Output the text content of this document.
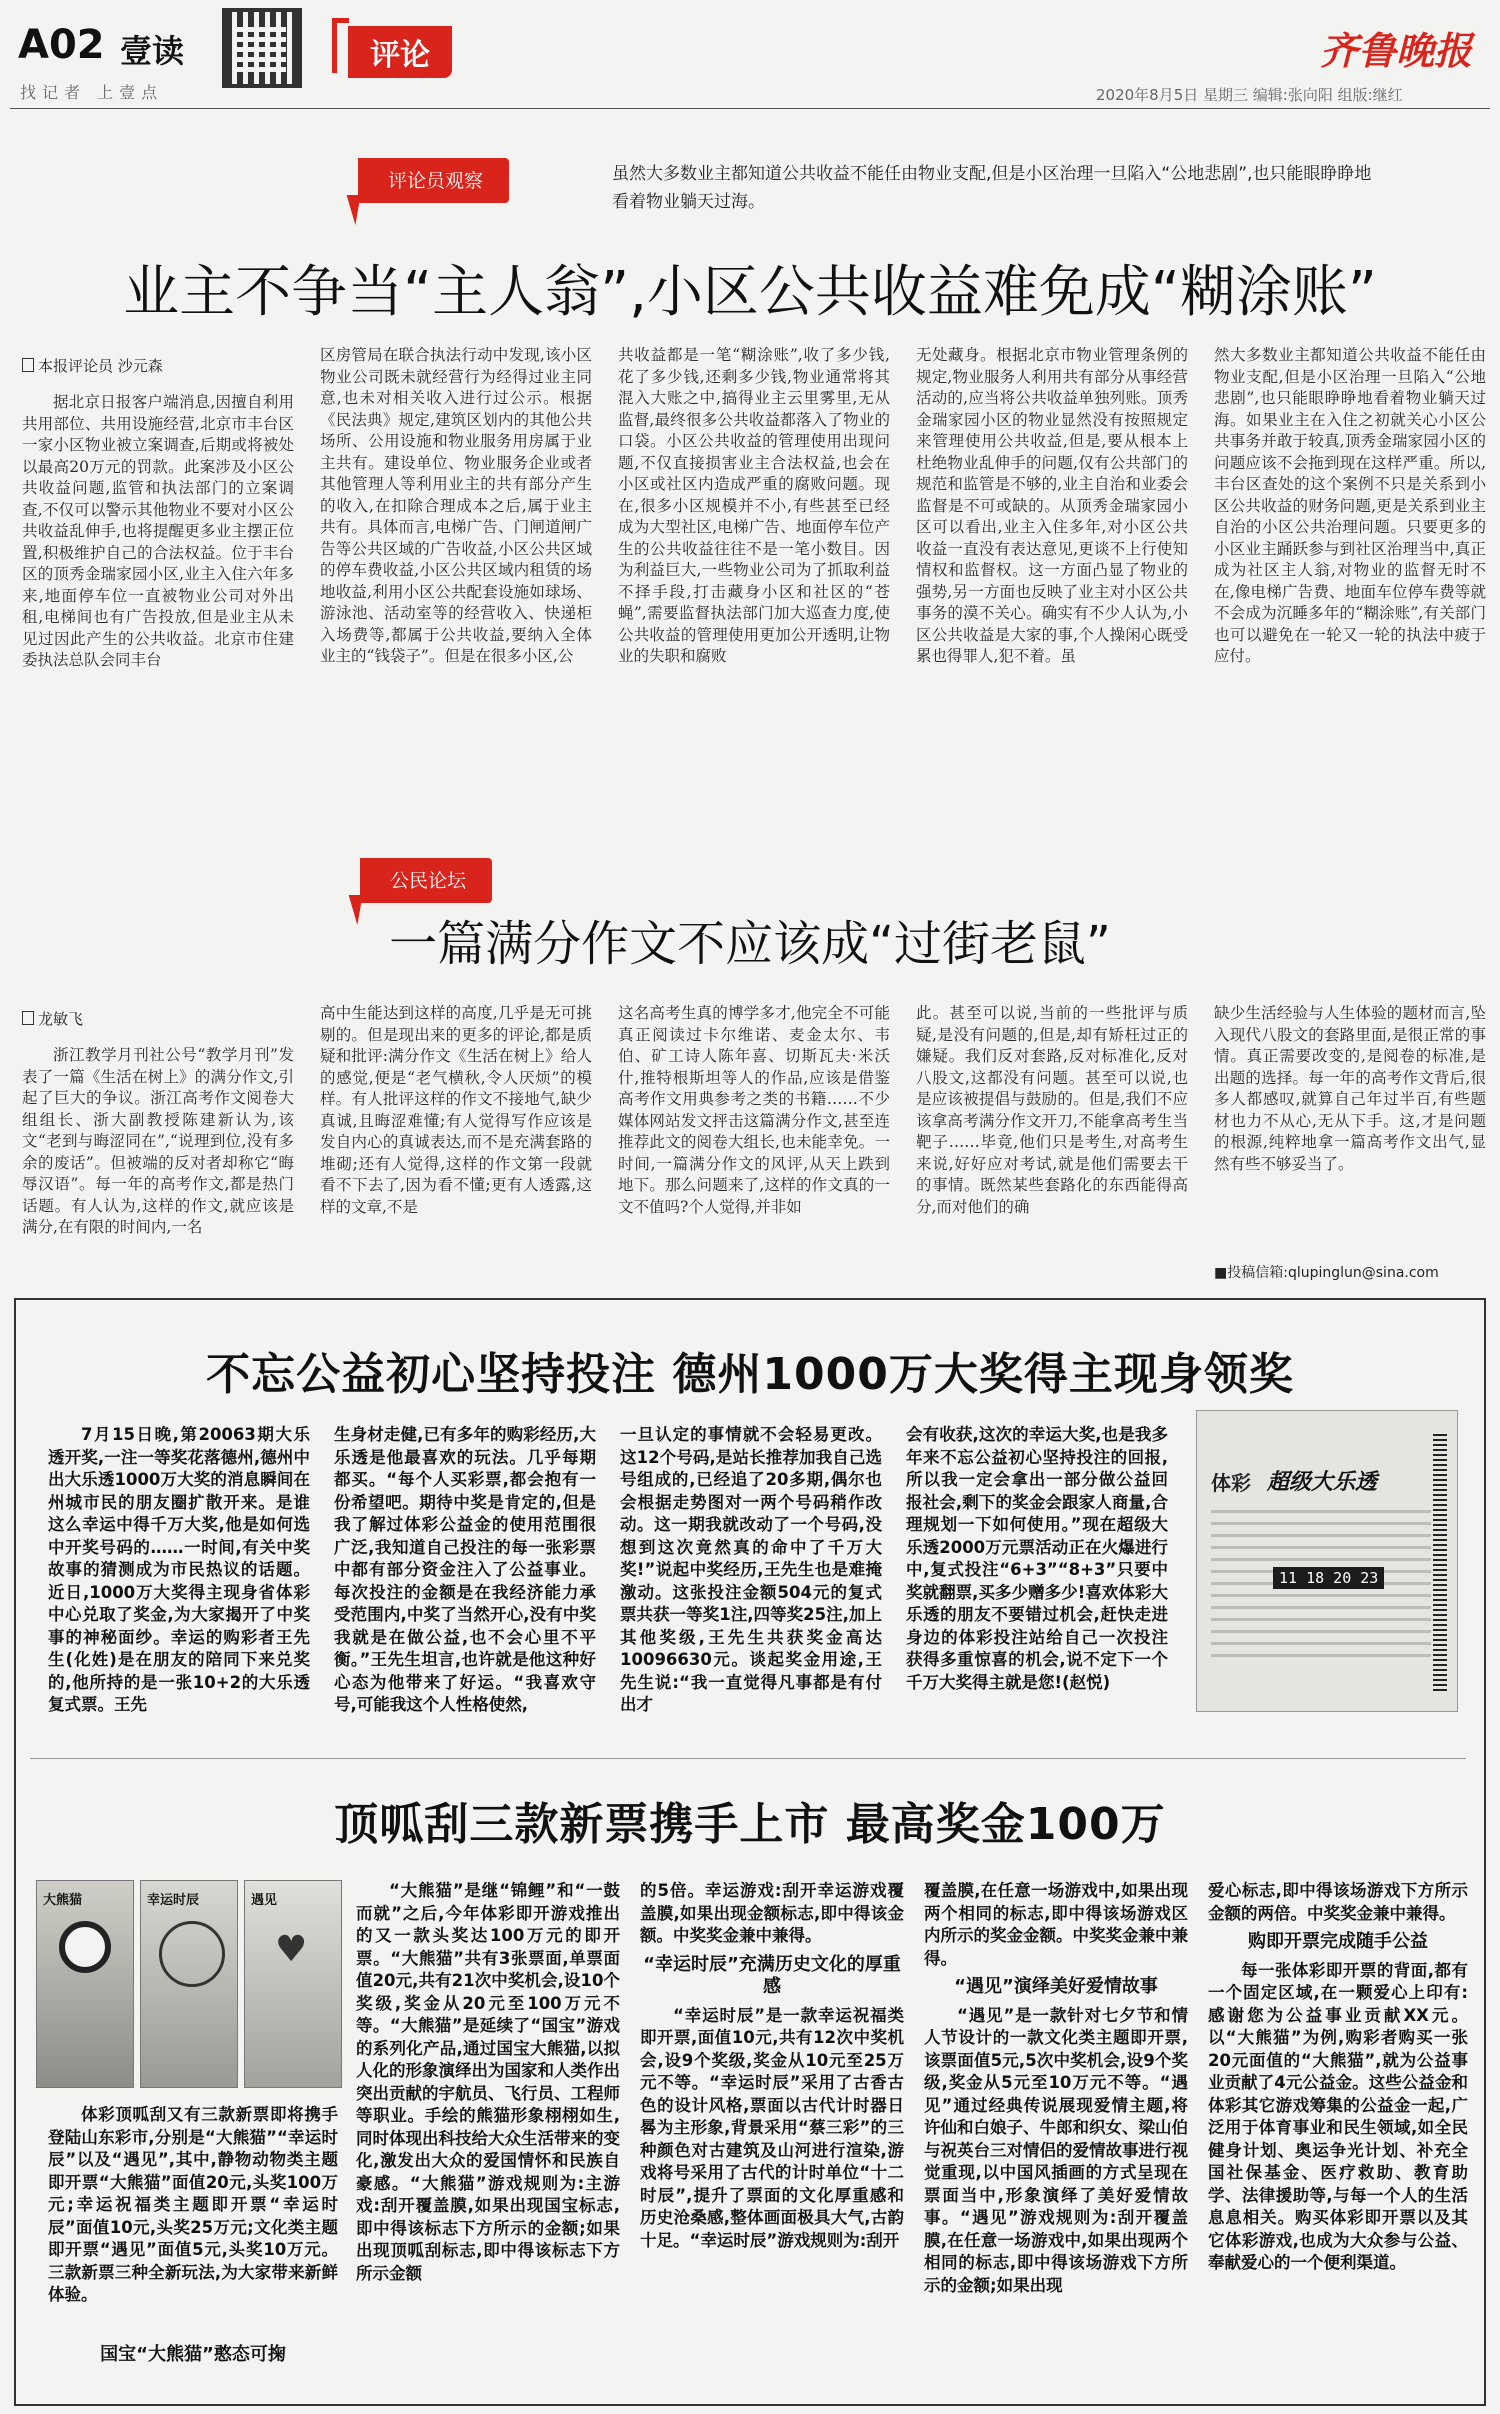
A02 壹读
找记者 上壹点
评论	齐鲁晚报
2020年8月5日 星期三 编辑:张向阳 组版:继红
评论员观察	虽然大多数业主都知道公共收益不能任由物业支配,但是小区治理一旦陷入“公地悲剧”,也只能眼睁睁地看着物业躺天过海。
业主不争当“主人翁”,小区公共收益难免成“糊涂账”
本报评论员 沙元森

据北京日报客户端消息,因擅自利用共用部位、共用设施经营,北京市丰台区一家小区物业被立案调查,后期或将被处以最高20万元的罚款。此案涉及小区公共收益问题,监管和执法部门的立案调查,不仅可以警示其他物业不要对小区公共收益乱伸手,也将提醒更多业主摆正位置,积极维护自己的合法权益。位于丰台区的顶秀金瑞家园小区,业主入住六年多来,地面停车位一直被物业公司对外出租,电梯间也有广告投放,但是业主从未见过因此产生的公共收益。北京市住建委执法总队会同丰台

区房管局在联合执法行动中发现,该小区物业公司既未就经营行为经得过业主同意,也未对相关收入进行过公示。根据《民法典》规定,建筑区划内的其他公共场所、公用设施和物业服务用房属于业主共有。建设单位、物业服务企业或者其他管理人等利用业主的共有部分产生的收入,在扣除合理成本之后,属于业主共有。具体而言,电梯广告、门闸道闸广告等公共区域的广告收益,小区公共区域的停车费收益,小区公共区域内租赁的场地收益,利用小区公共配套设施如球场、游泳池、活动室等的经营收入、快递柜入场费等,都属于公共收益,要纳入全体业主的“钱袋子”。但是在很多小区,公

共收益都是一笔“糊涂账”,收了多少钱,花了多少钱,还剩多少钱,物业通常将其混入大账之中,搞得业主云里雾里,无从监督,最终很多公共收益都落入了物业的口袋。小区公共收益的管理使用出现问题,不仅直接损害业主合法权益,也会在小区或社区内造成严重的腐败问题。现在,很多小区规模并不小,有些甚至已经成为大型社区,电梯广告、地面停车位产生的公共收益往往不是一笔小数目。因为利益巨大,一些物业公司为了抓取利益不择手段,打击藏身小区和社区的“苍蝇”,需要监督执法部门加大巡查力度,使公共收益的管理使用更加公开透明,让物业的失职和腐败

无处藏身。根据北京市物业管理条例的规定,物业服务人利用共有部分从事经营活动的,应当将公共收益单独列账。顶秀金瑞家园小区的物业显然没有按照规定来管理使用公共收益,但是,要从根本上杜绝物业乱伸手的问题,仅有公共部门的规范和监管是不够的,业主自治和业委会监督是不可或缺的。从顶秀金瑞家园小区可以看出,业主入住多年,对小区公共收益一直没有表达意见,更谈不上行使知情权和监督权。这一方面凸显了物业的强势,另一方面也反映了业主对小区公共事务的漠不关心。确实有不少人认为,小区公共收益是大家的事,个人操闲心既受累也得罪人,犯不着。虽

然大多数业主都知道公共收益不能任由物业支配,但是小区治理一旦陷入“公地悲剧”,也只能眼睁睁地看着物业躺天过海。如果业主在入住之初就关心小区公共事务并敢于较真,顶秀金瑞家园小区的问题应该不会拖到现在这样严重。所以,丰台区查处的这个案例不只是关系到小区公共收益的财务问题,更是关系到业主自治的小区公共治理问题。只要更多的小区业主踊跃参与到社区治理当中,真正成为社区主人翁,对物业的监督无时不在,像电梯广告费、地面车位停车费等就不会成为沉睡多年的“糊涂账”,有关部门也可以避免在一轮又一轮的执法中疲于应付。

公民论坛
一篇满分作文不应该成“过街老鼠”
龙敏飞

浙江教学月刊社公号“教学月刊”发表了一篇《生活在树上》的满分作文,引起了巨大的争议。浙江高考作文阅卷大组组长、浙大副教授陈建新认为,该文“老到与晦涩同在”,“说理到位,没有多余的废话”。但被端的反对者却称它“晦辱汉语”。每一年的高考作文,都是热门话题。有人认为,这样的作文,就应该是满分,在有限的时间内,一名

高中生能达到这样的高度,几乎是无可挑剔的。但是现出来的更多的评论,都是质疑和批评:满分作文《生活在树上》给人的感觉,便是“老气横秋,令人厌烦”的模样。有人批评这样的作文不接地气,缺少真诚,且晦涩难懂;有人觉得写作应该是发自内心的真诚表达,而不是充满套路的堆砌;还有人觉得,这样的作文第一段就看不下去了,因为看不懂;更有人透露,这样的文章,不是

这名高考生真的博学多才,他完全不可能真正阅读过卡尔维诺、麦金太尔、韦伯、矿工诗人陈年喜、切斯瓦夫·米沃什,推特根斯坦等人的作品,应该是借鉴高考作文用典参考之类的书籍……不少媒体网站发文抨击这篇满分作文,甚至连推荐此文的阅卷大组长,也未能幸免。一时间,一篇满分作文的风评,从天上跌到地下。那么问题来了,这样的作文真的一文不值吗?个人觉得,并非如

此。甚至可以说,当前的一些批评与质疑,是没有问题的,但是,却有矫枉过正的嫌疑。我们反对套路,反对标准化,反对八股文,这都没有问题。甚至可以说,也是应该被提倡与鼓励的。但是,我们不应该拿高考满分作文开刀,不能拿高考生当靶子……毕竟,他们只是考生,对高考生来说,好好应对考试,就是他们需要去干的事情。既然某些套路化的东西能得高分,而对他们的确

缺少生活经验与人生体验的题材而言,坠入现代八股文的套路里面,是很正常的事情。真正需要改变的,是阅卷的标准,是出题的选择。每一年的高考作文背后,很多人都感叹,就算自己年过半百,有些题材也力不从心,无从下手。这,才是问题的根源,纯粹地拿一篇高考作文出气,显然有些不够妥当了。

■投稿信箱:qlupinglun@sina.com
不忘公益初心坚持投注 德州1000万大奖得主现身领奖

7月15日晚,第20063期大乐透开奖,一注一等奖花落德州,德州中出大乐透1000万大奖的消息瞬间在州城市民的朋友圈扩散开来。是谁这么幸运中得千万大奖,他是如何选中开奖号码的……一时间,有关中奖故事的猜测成为市民热议的话题。近日,1000万大奖得主现身省体彩中心兑取了奖金,为大家揭开了中奖事的神秘面纱。幸运的购彩者王先生(化姓)是在朋友的陪同下来兑奖的,他所持的是一张10+2的大乐透复式票。王先

生身材走健,已有多年的购彩经历,大乐透是他最喜欢的玩法。几乎每期都买。“每个人买彩票,都会抱有一份希望吧。期待中奖是肯定的,但是我了解过体彩公益金的使用范围很广泛,我知道自己投注的每一张彩票中都有部分资金注入了公益事业。每次投注的金额是在我经济能力承受范围内,中奖了当然开心,没有中奖我就是在做公益,也不会心里不平衡。”王先生坦言,也许就是他这种好心态为他带来了好运。“我喜欢守号,可能我这个人性格使然,

一旦认定的事情就不会轻易更改。这12个号码,是站长推荐加我自己选号组成的,已经追了20多期,偶尔也会根据走势图对一两个号码稍作改动。这一期我就改动了一个号码,没想到这次竟然真的命中了千万大奖!”说起中奖经历,王先生也是难掩激动。这张投注金额504元的复式票共获一等奖1注,四等奖25注,加上其他奖级,王先生共获奖金高达10096630元。谈起奖金用途,王先生说:“我一直觉得凡事都是有付出才

会有收获,这次的幸运大奖,也是我多年来不忘公益初心坚持投注的回报,所以我一定会拿出一部分做公益回报社会,剩下的奖金会跟家人商量,合理规划一下如何使用。”现在超级大乐透2000万元票活动正在火爆进行中,复式投注“6+3”“8+3”只要中奖就翻票,买多少赠多少!喜欢体彩大乐透的朋友不要错过机会,赶快走进身边的体彩投注站给自己一次投注获得多重惊喜的机会,说不定下一个千万大奖得主就是您!(赵悦)

体彩 超级大乐透
11 18 20 23
顶呱刮三款新票携手上市 最高奖金100万
大熊猫	幸运时辰	遇见
♥

体彩顶呱刮又有三款新票即将携手登陆山东彩市,分别是“大熊猫”“幸运时辰”以及“遇见”,其中,静物动物类主题即开票“大熊猫”面值20元,头奖100万元;幸运祝福类主题即开票“幸运时辰”面值10元,头奖25万元;文化类主题即开票“遇见”面值5元,头奖10万元。三款新票三种全新玩法,为大家带来新鲜体验。

国宝“大熊猫”憨态可掬

“大熊猫”是继“锦鲤”和“一鼓而就”之后,今年体彩即开游戏推出的又一款头奖达100万元的即开票。“大熊猫”共有3张票面,单票面值20元,共有21次中奖机会,设10个奖级,奖金从20元至100万元不等。“大熊猫”是延续了“国宝”游戏的系列化产品,通过国宝大熊猫,以拟人化的形象演绎出为国家和人类作出突出贡献的宇航员、飞行员、工程师等职业。手绘的熊猫形象栩栩如生,同时体现出科技给大众生活带来的变化,激发出大众的爱国情怀和民族自豪感。“大熊猫”游戏规则为:主游戏:刮开覆盖膜,如果出现国宝标志,即中得该标志下方所示的金额;如果出现顶呱刮标志,即中得该标志下方所示金额

的5倍。幸运游戏:刮开幸运游戏覆盖膜,如果出现金额标志,即中得该金额。中奖奖金兼中兼得。

“幸运时辰”充满历史文化的厚重感

“幸运时辰”是一款幸运祝福类即开票,面值10元,共有12次中奖机会,设9个奖级,奖金从10元至25万元不等。“幸运时辰”采用了古香古色的设计风格,票面以古代计时器日晷为主形象,背景采用“蔡三彩”的三种颜色对古建筑及山河进行渲染,游戏将号采用了古代的计时单位“十二时辰”,提升了票面的文化厚重感和历史沧桑感,整体画面极具大气,古韵十足。“幸运时辰”游戏规则为:刮开

覆盖膜,在任意一场游戏中,如果出现两个相同的标志,即中得该场游戏区内所示的奖金金额。中奖奖金兼中兼得。

“遇见”演绎美好爱情故事

“遇见”是一款针对七夕节和情人节设计的一款文化类主题即开票,该票面值5元,5次中奖机会,设9个奖级,奖金从5元至10万元不等。“遇见”通过经典传说展现爱情主题,将许仙和白娘子、牛郎和织女、梁山伯与祝英台三对情侣的爱情故事进行视觉重现,以中国风插画的方式呈现在票面当中,形象演绎了美好爱情故事。“遇见”游戏规则为:刮开覆盖膜,在任意一场游戏中,如果出现两个相同的标志,即中得该场游戏下方所示的金额;如果出现

爱心标志,即中得该场游戏下方所示金额的两倍。中奖奖金兼中兼得。

购即开票完成随手公益

每一张体彩即开票的背面,都有一个固定区域,在一颗爱心上印有:感谢您为公益事业贡献XX元。以“大熊猫”为例,购彩者购买一张20元面值的“大熊猫”,就为公益事业贡献了4元公益金。这些公益金和体彩其它游戏筹集的公益金一起,广泛用于体育事业和民生领域,如全民健身计划、奥运争光计划、补充全国社保基金、医疗救助、教育助学、法律援助等,与每一个人的生活息息相关。购买体彩即开票以及其它体彩游戏,也成为大众参与公益、奉献爱心的一个便利渠道。
